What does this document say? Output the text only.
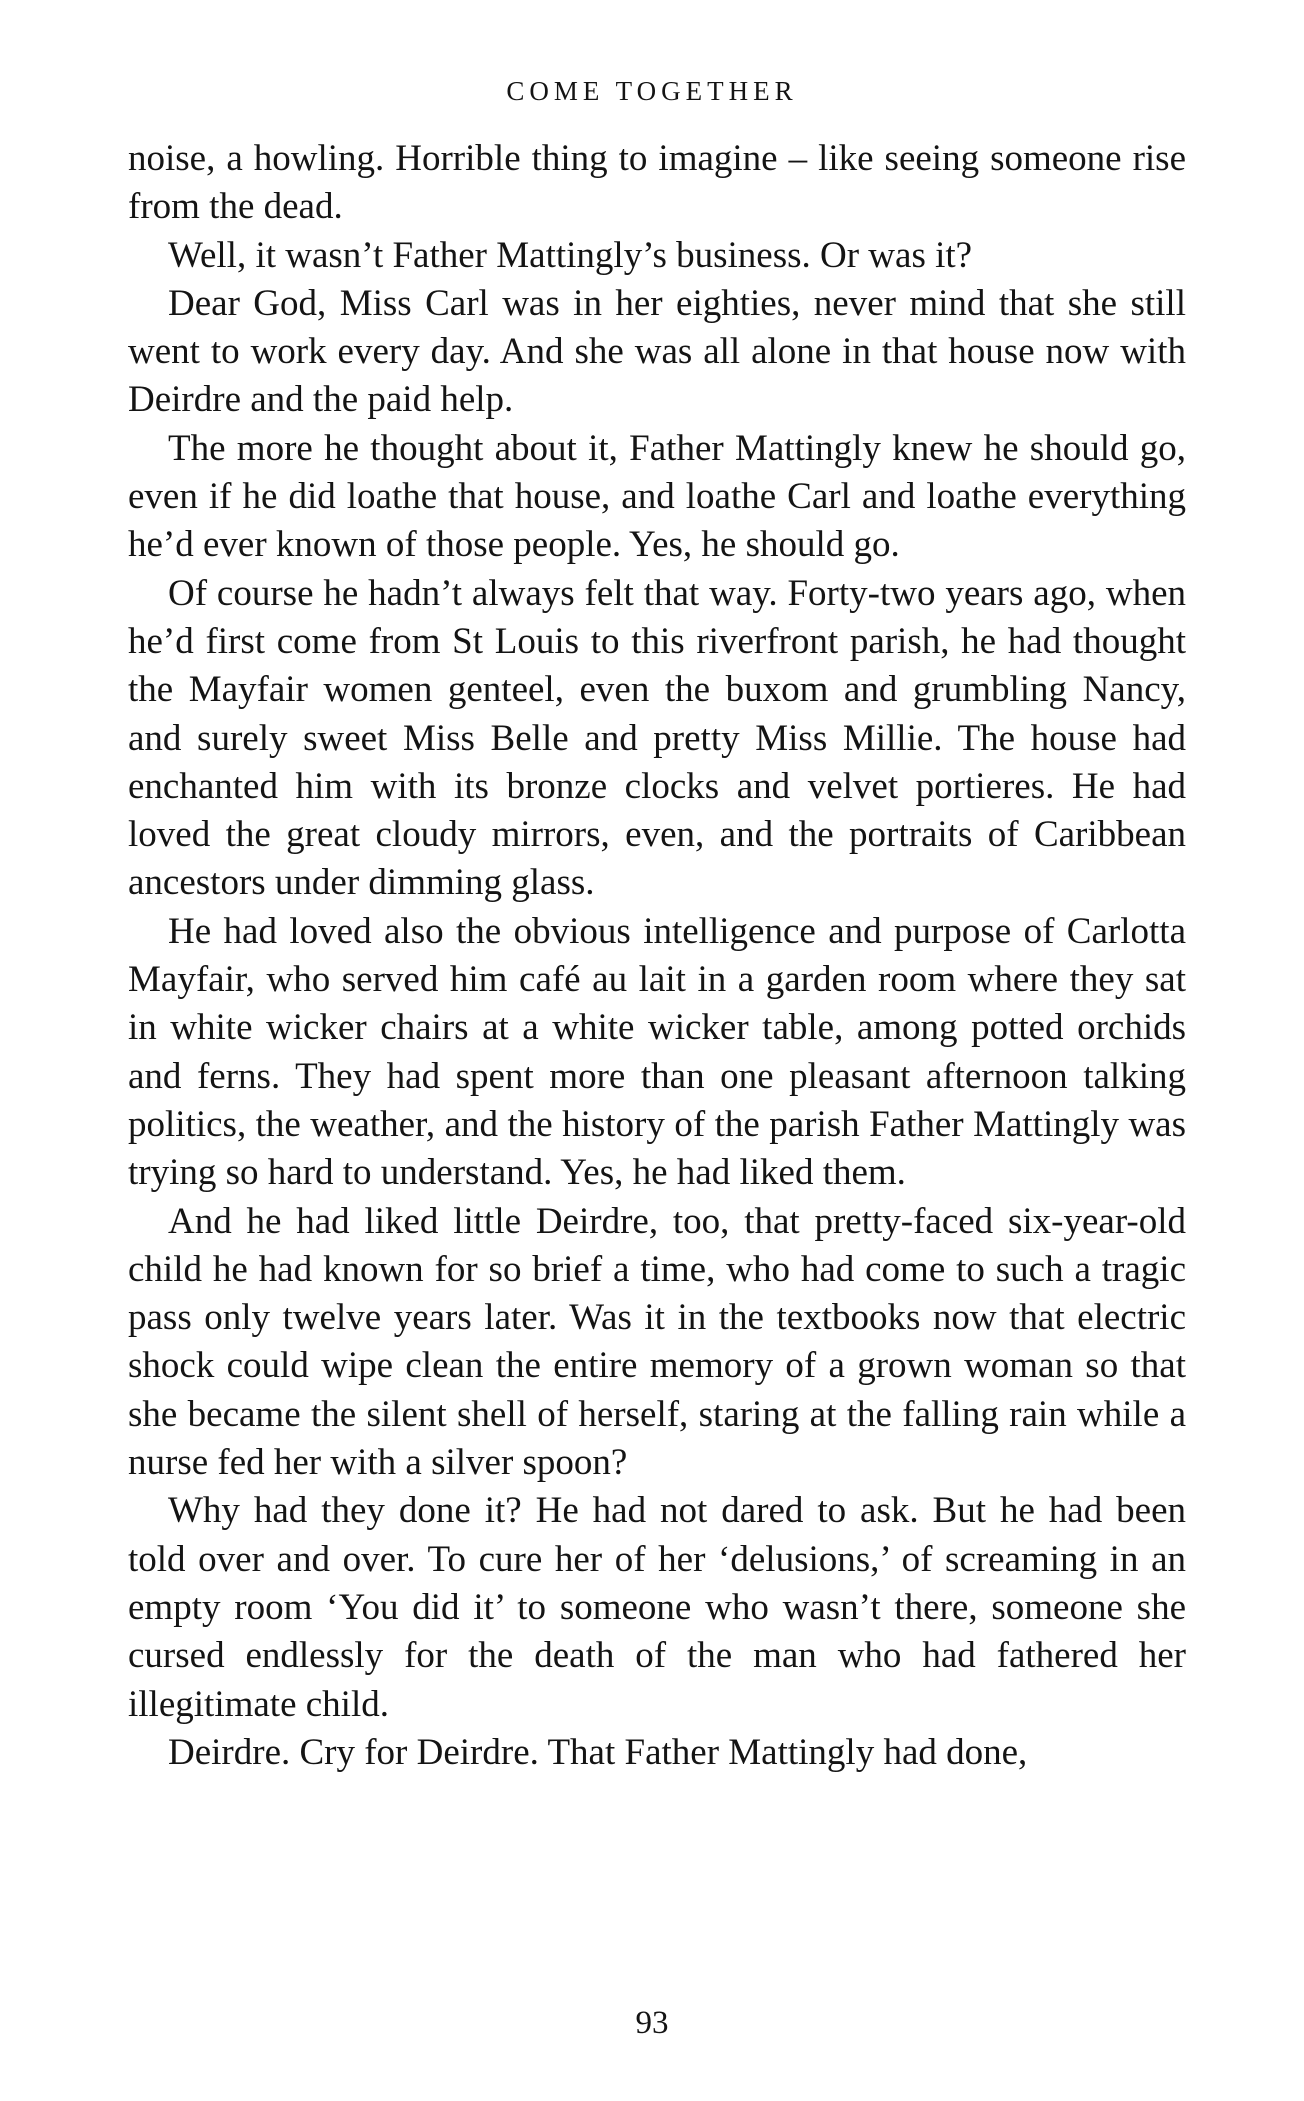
COME TOGETHER

noise, a howling. Horrible thing to imagine – like seeing someone rise from the dead.

Well, it wasn’t Father Mattingly’s business. Or was it?

Dear God, Miss Carl was in her eighties, never mind that she still went to work every day. And she was all alone in that house now with Deirdre and the paid help.

The more he thought about it, Father Mattingly knew he should go, even if he did loathe that house, and loathe Carl and loathe everything he’d ever known of those people. Yes, he should go.

Of course he hadn’t always felt that way. Forty-two years ago, when he’d first come from St Louis to this riverfront parish, he had thought the Mayfair women genteel, even the buxom and grumbling Nancy, and surely sweet Miss Belle and pretty Miss Millie. The house had enchanted him with its bronze clocks and velvet portieres. He had loved the great cloudy mirrors, even, and the portraits of Caribbean ancestors under dimming glass.

He had loved also the obvious intelligence and purpose of Carlotta Mayfair, who served him café au lait in a garden room where they sat in white wicker chairs at a white wicker table, among potted orchids and ferns. They had spent more than one pleasant afternoon talking politics, the weather, and the history of the parish Father Mattingly was trying so hard to understand. Yes, he had liked them.

And he had liked little Deirdre, too, that pretty-faced six-year-old child he had known for so brief a time, who had come to such a tragic pass only twelve years later. Was it in the textbooks now that electric shock could wipe clean the entire memory of a grown woman so that she became the silent shell of herself, staring at the falling rain while a nurse fed her with a silver spoon?

Why had they done it? He had not dared to ask. But he had been told over and over. To cure her of her ‘delusions,’ of screaming in an empty room ‘You did it’ to someone who wasn’t there, someone she cursed endlessly for the death of the man who had fathered her illegitimate child.

Deirdre. Cry for Deirdre. That Father Mattingly had done,

93
